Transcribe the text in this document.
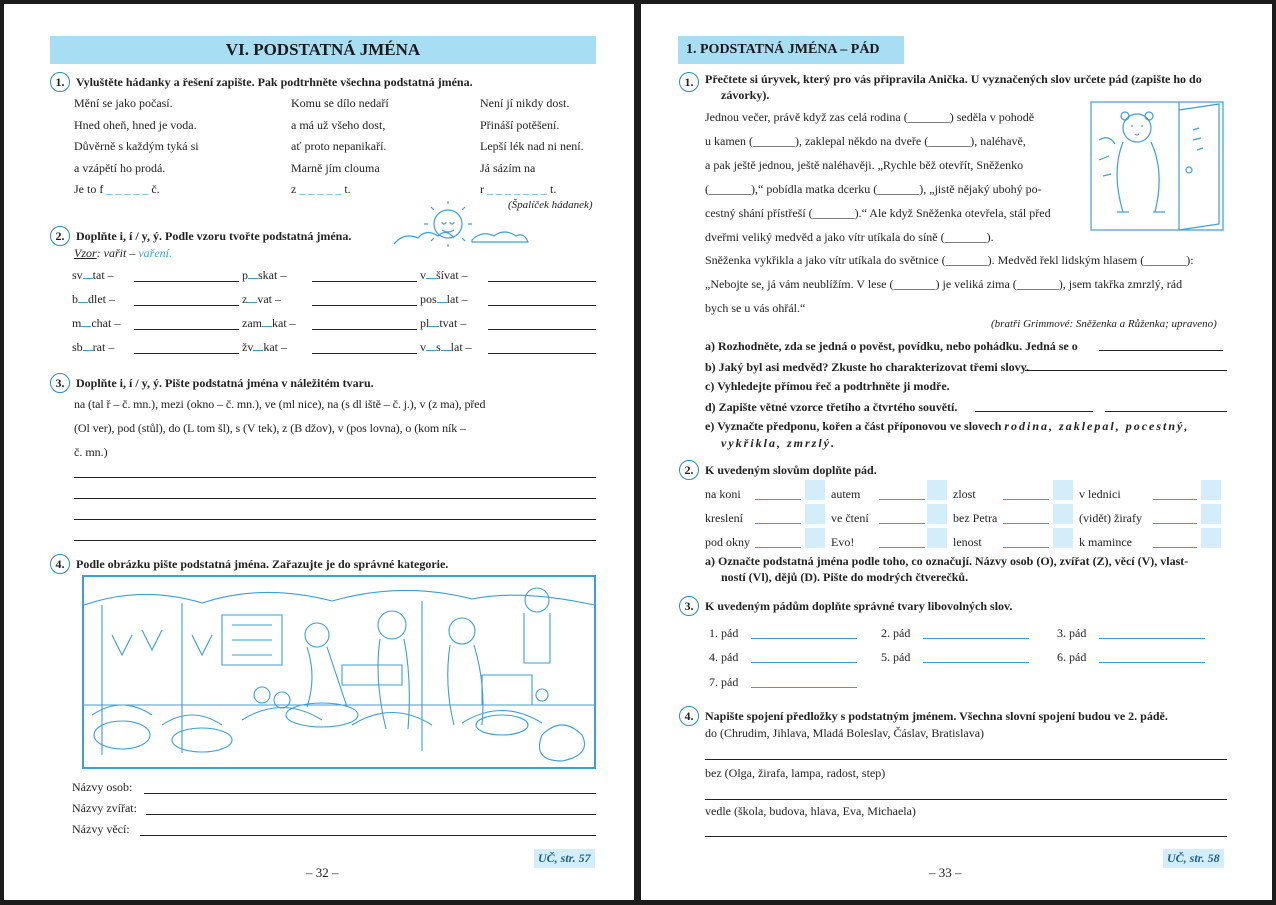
VI. PODSTATNÁ JMÉNA
1. Vyluštěte hádanky a řešení zapište. Pak podtrhněte všechna podstatná jména.
Mění se jako počasí.
Hned oheň, hned je voda.
Důvěrně s každým tyká si
a vzápětí ho prodá.
Je to f _ _ _ _ _ č.
Komu se dílo nedaří
a má už všeho dost,
ať proto nepanikaří.
Marně jím clouma
z _ _ _ _ _ t.
Není jí nikdy dost.
Přináší potěšení.
Lepší lék nad ni není.
Já sázím na
r _ _ _ _ _ _ _ t.
(Špalíček hádanek)
2. Doplňte i, í / y, ý. Podle vzoru tvořte podstatná jména.
Vzor: vařit – vaření.
sv tat –	p skat –	v šívat –
b dlet –	z vat –	pos lat –
m chat –	zam kat –	pl tvat –
sb rat –	žv kat –	v s lat –
3. Doplňte i, í / y, ý. Pište podstatná jména v náležitém tvaru.
na (tal ř – č. mn.), mezi (okno – č. mn.), ve (ml nice), na (s dl iště – č. j.), v (z ma), před
(Ol ver), pod (stůl), do (L tom šl), s (V tek), z (B džov), v (pos lovna), o (kom ník –
č. mn.)
4. Podle obrázku pište podstatná jména. Zařazujte je do správné kategorie.
Názvy osob:
Názvy zvířat:
Názvy věcí:
UČ, str. 57
– 32 –
1. PODSTATNÁ JMÉNA – PÁD
1. Přečtete si úryvek, který pro vás připravila Anička. U vyznačených slov určete pád (zapište ho do
závorky).
Jednou večer, právě když zas celá rodina (_______) seděla v pohodě
u kamen (_______), zaklepal někdo na dveře (_______), naléhavě,
a pak ještě jednou, ještě naléhavěji. „Rychle běž otevřít, Sněženko
(_______),“ pobídla matka dcerku (_______), „jistě nějaký ubohý po-
cestný shání přístřeší (_______).“ Ale když Sněženka otevřela, stál před
dveřmi veliký medvěd a jako vítr utíkala do síně (_______).
Sněženka vykřikla a jako vítr utíkala do světnice (_______). Medvěd řekl lidským hlasem (_______):
„Nebojte se, já vám neublížím. V lese (_______) je veliká zima (_______), jsem takřka zmrzlý, rád
bych se u vás ohřál.“
(bratři Grimmové: Sněženka a Růženka; upraveno)
a) Rozhodněte, zda se jedná o pověst, povídku, nebo pohádku. Jedná se o
b) Jaký byl asi medvěd? Zkuste ho charakterizovat třemi slovy.
c) Vyhledejte přímou řeč a podtrhněte ji modře.
d) Zapište větné vzorce třetího a čtvrtého souvětí.
e) Vyznačte předponu, kořen a část příponovou ve slovech rodina, zaklepal, pocestný,
vykřikla, zmrzlý.
2. K uvedeným slovům doplňte pád.
na koni	autem	zlost	v lednici
kreslení	ve čtení	bez Petra	(vidět) žirafy
pod okny	Evo!	lenost	k mamince
a) Označte podstatná jména podle toho, co označují. Názvy osob (O), zvířat (Z), věcí (V), vlast-
ností (Vl), dějů (D). Pište do modrých čtverečků.
3. K uvedeným pádům doplňte správné tvary libovolných slov.
1. pád	2. pád	3. pád
4. pád	5. pád	6. pád
7. pád
4. Napište spojení předložky s podstatným jménem. Všechna slovní spojení budou ve 2. pádě.
do (Chrudim, Jihlava, Mladá Boleslav, Čáslav, Bratislava)
bez (Olga, žirafa, lampa, radost, step)
vedle (škola, budova, hlava, Eva, Michaela)
UČ, str. 58
– 33 –
